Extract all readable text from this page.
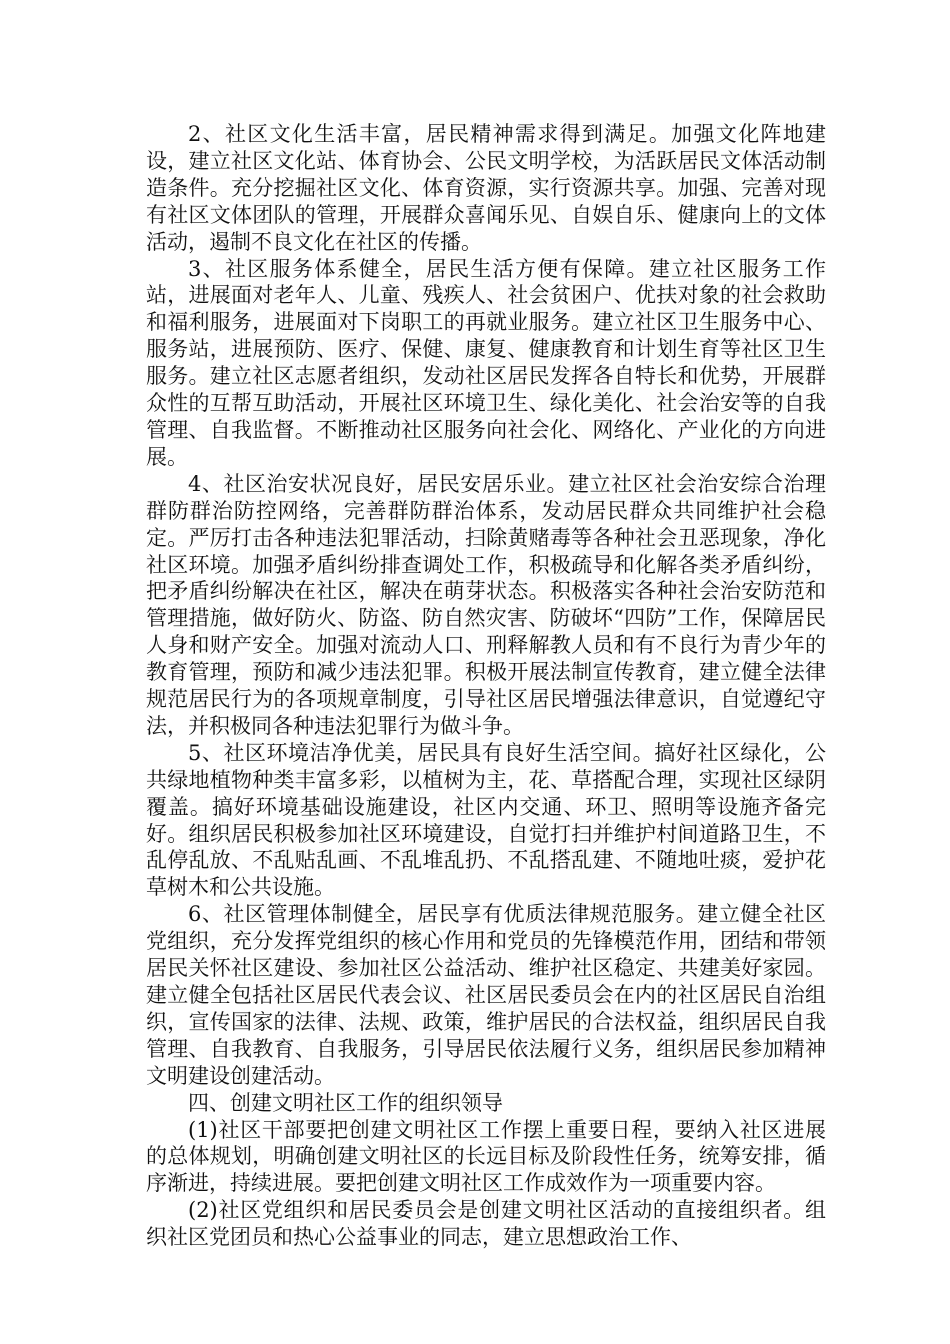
2、社区文化生活丰富，居民精神需求得到满足。加强文化阵地建设，建立社区文化站、体育协会、公民文明学校，为活跃居民文体活动制造条件。充分挖掘社区文化、体育资源，实行资源共享。加强、完善对现有社区文体团队的管理，开展群众喜闻乐见、自娱自乐、健康向上的文体活动，遏制不良文化在社区的传播。

3、社区服务体系健全，居民生活方便有保障。建立社区服务工作站，进展面对老年人、儿童、残疾人、社会贫困户、优扶对象的社会救助和福利服务，进展面对下岗职工的再就业服务。建立社区卫生服务中心、服务站，进展预防、医疗、保健、康复、健康教育和计划生育等社区卫生服务。建立社区志愿者组织，发动社区居民发挥各自特长和优势，开展群众性的互帮互助活动，开展社区环境卫生、绿化美化、社会治安等的自我管理、自我监督。不断推动社区服务向社会化、网络化、产业化的方向进展。

4、社区治安状况良好，居民安居乐业。建立社区社会治安综合治理群防群治防控网络，完善群防群治体系，发动居民群众共同维护社会稳定。严厉打击各种违法犯罪活动，扫除黄赌毒等各种社会丑恶现象，净化社区环境。加强矛盾纠纷排查调处工作，积极疏导和化解各类矛盾纠纷，把矛盾纠纷解决在社区，解决在萌芽状态。积极落实各种社会治安防范和管理措施，做好防火、防盗、防自然灾害、防破坏“四防”工作，保障居民人身和财产安全。加强对流动人口、刑释解教人员和有不良行为青少年的教育管理，预防和减少违法犯罪。积极开展法制宣传教育，建立健全法律规范居民行为的各项规章制度，引导社区居民增强法律意识，自觉遵纪守法，并积极同各种违法犯罪行为做斗争。

5、社区环境洁净优美，居民具有良好生活空间。搞好社区绿化，公共绿地植物种类丰富多彩，以植树为主，花、草搭配合理，实现社区绿阴覆盖。搞好环境基础设施建设，社区内交通、环卫、照明等设施齐备完好。组织居民积极参加社区环境建设，自觉打扫并维护村间道路卫生，不乱停乱放、不乱贴乱画、不乱堆乱扔、不乱搭乱建、不随地吐痰，爱护花草树木和公共设施。

6、社区管理体制健全，居民享有优质法律规范服务。建立健全社区党组织，充分发挥党组织的核心作用和党员的先锋模范作用，团结和带领居民关怀社区建设、参加社区公益活动、维护社区稳定、共建美好家园。建立健全包括社区居民代表会议、社区居民委员会在内的社区居民自治组织，宣传国家的法律、法规、政策，维护居民的合法权益，组织居民自我管理、自我教育、自我服务，引导居民依法履行义务，组织居民参加精神文明建设创建活动。

四、创建文明社区工作的组织领导

(1)社区干部要把创建文明社区工作摆上重要日程，要纳入社区进展的总体规划，明确创建文明社区的长远目标及阶段性任务，统筹安排，循序渐进，持续进展。要把创建文明社区工作成效作为一项重要内容。

(2)社区党组织和居民委员会是创建文明社区活动的直接组织者。组织社区党团员和热心公益事业的同志，建立思想政治工作、
